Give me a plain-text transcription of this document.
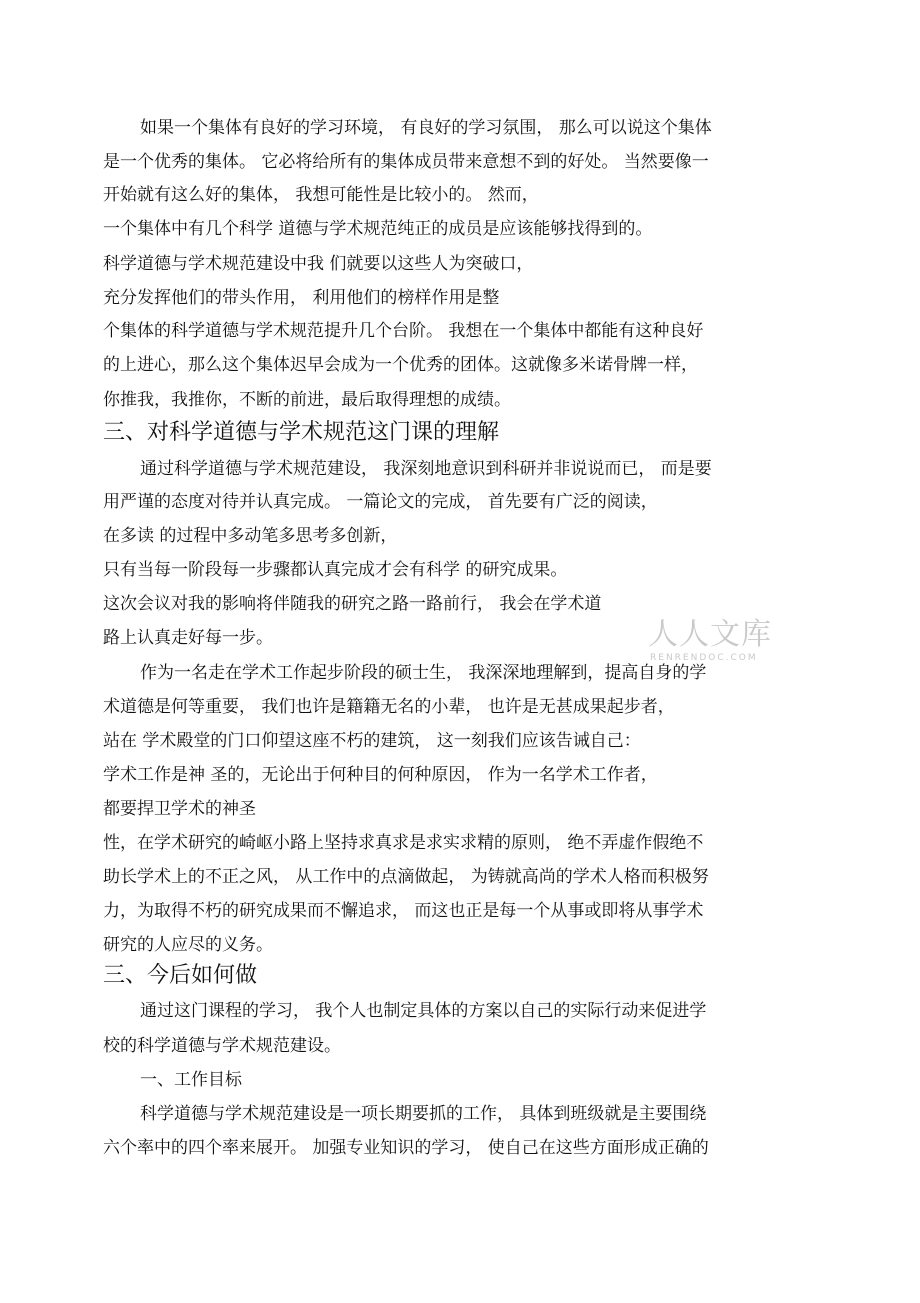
如果一个集体有良好的学习环境， 有良好的学习氛围， 那么可以说这个集体
是一个优秀的集体。 它必将给所有的集体成员带来意想不到的好处。 当然要像一
开始就有这么好的集体， 我想可能性是比较小的。 然而，
一个集体中有几个科学 道德与学术规范纯正的成员是应该能够找得到的。
科学道德与学术规范建设中我 们就要以这些人为突破口，
充分发挥他们的带头作用， 利用他们的榜样作用是整
个集体的科学道德与学术规范提升几个台阶。 我想在一个集体中都能有这种良好
的上进心，那么这个集体迟早会成为一个优秀的团体。这就像多米诺骨牌一样，
你推我，我推你，不断的前进，最后取得理想的成绩。
三、对科学道德与学术规范这门课的理解
通过科学道德与学术规范建设， 我深刻地意识到科研并非说说而已， 而是要
用严谨的态度对待并认真完成。 一篇论文的完成， 首先要有广泛的阅读，
在多读 的过程中多动笔多思考多创新，
只有当每一阶段每一步骤都认真完成才会有科学 的研究成果。
这次会议对我的影响将伴随我的研究之路一路前行， 我会在学术道
路上认真走好每一步。
作为一名走在学术工作起步阶段的硕士生， 我深深地理解到，提高自身的学
术道德是何等重要， 我们也许是籍籍无名的小辈， 也许是无甚成果起步者，
站在 学术殿堂的门口仰望这座不朽的建筑， 这一刻我们应该告诫自己：
学术工作是神 圣的，无论出于何种目的何种原因， 作为一名学术工作者，
都要捍卫学术的神圣
性，在学术研究的崎岖小路上坚持求真求是求实求精的原则， 绝不弄虚作假绝不
助长学术上的不正之风， 从工作中的点滴做起， 为铸就高尚的学术人格而积极努
力，为取得不朽的研究成果而不懈追求， 而这也正是每一个从事或即将从事学术
研究的人应尽的义务。
三、今后如何做
通过这门课程的学习， 我个人也制定具体的方案以自己的实际行动来促进学
校的科学道德与学术规范建设。
一、工作目标
科学道德与学术规范建设是一项长期要抓的工作， 具体到班级就是主要围绕
六个率中的四个率来展开。 加强专业知识的学习， 使自己在这些方面形成正确的
人人文库
RENRENDOC.COM
